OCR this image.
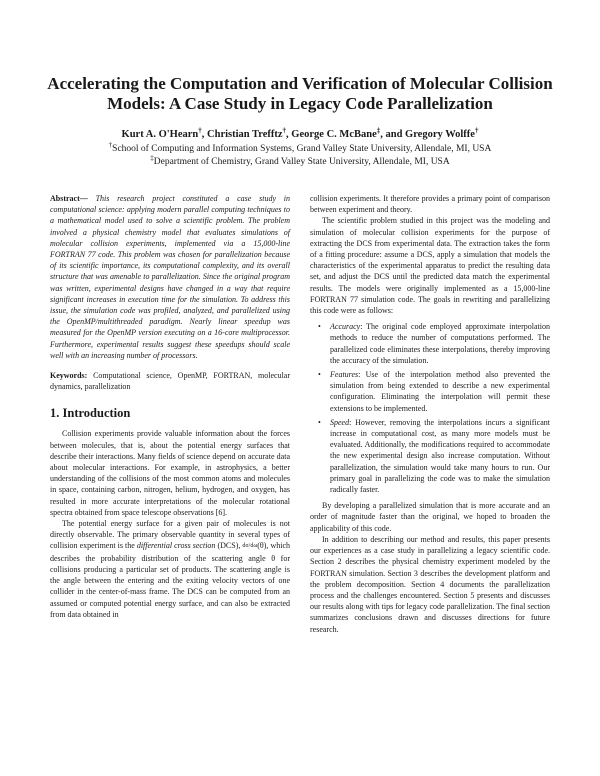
Accelerating the Computation and Verification of Molecular Collision Models: A Case Study in Legacy Code Parallelization
Kurt A. O'Hearn†, Christian Trefftz†, George C. McBane‡, and Gregory Wolffe†
†School of Computing and Information Systems, Grand Valley State University, Allendale, MI, USA
‡Department of Chemistry, Grand Valley State University, Allendale, MI, USA

Abstract— This research project constituted a case study in computational science: applying modern parallel computing techniques to a mathematical model used to solve a scientific problem. The problem involved a physical chemistry model that evaluates simulations of molecular collision experiments, implemented via a 15,000-line FORTRAN 77 code. This problem was chosen for parallelization because of its scientific importance, its computational complexity, and its overall structure that was amenable to parallelization. Since the original program was written, experimental designs have changed in a way that require significant increases in execution time for the simulation. To address this issue, the simulation code was profiled, analyzed, and parallelized using the OpenMP/multithreaded paradigm. Nearly linear speedup was measured for the OpenMP version executing on a 16-core multiprocessor. Furthermore, experimental results suggest these speedups should scale well with an increasing number of processors.

Keywords: Computational science, OpenMP, FORTRAN, molecular dynamics, parallelization

1. Introduction

Collision experiments provide valuable information about the forces between molecules, that is, about the potential energy surfaces that describe their interactions. Many fields of science depend on accurate data about molecular interactions. For example, in astrophysics, a better understanding of the collisions of the most common atoms and molecules in space, containing carbon, nitrogen, helium, hydrogen, and oxygen, has resulted in more accurate interpretations of the molecular rotational spectra obtained from space telescope observations [6].

The potential energy surface for a given pair of molecules is not directly observable. The primary observable quantity in several types of collision experiment is the differential cross section (DCS), dσ/dω(θ), which describes the probability distribution of the scattering angle θ for collisions producing a particular set of products. The scattering angle is the angle between the entering and the exiting velocity vectors of one collider in the center-of-mass frame. The DCS can be computed from an assumed or computed potential energy surface, and can also be extracted from data obtained in

collision experiments. It therefore provides a primary point of comparison between experiment and theory.

The scientific problem studied in this project was the modeling and simulation of molecular collision experiments for the purpose of extracting the DCS from experimental data. The extraction takes the form of a fitting procedure: assume a DCS, apply a simulation that models the characteristics of the experimental apparatus to predict the resulting data set, and adjust the DCS until the predicted data match the experimental results. The models were originally implemented as a 15,000-line FORTRAN 77 simulation code. The goals in rewriting and parallelizing this code were as follows:

• Accuracy: The original code employed approximate interpolation methods to reduce the number of computations performed. The parallelized code eliminates these interpolations, thereby improving the accuracy of the simulation.
• Features: Use of the interpolation method also prevented the simulation from being extended to describe a new experimental configuration. Eliminating the interpolation will permit these extensions to be implemented.
• Speed: However, removing the interpolations incurs a significant increase in computational cost, as many more models must be evaluated. Additionally, the modifications required to accommodate the new experimental design also increase computation. Without parallelization, the simulation would take many hours to run. Our primary goal in parallelizing the code was to make the simulation radically faster.

By developing a parallelized simulation that is more accurate and an order of magnitude faster than the original, we hoped to broaden the applicability of this code.

In addition to describing our method and results, this paper presents our experiences as a case study in parallelizing a legacy scientific code. Section 2 describes the physical chemistry experiment modeled by the FORTRAN simulation. Section 3 describes the development platform and the problem decomposition. Section 4 documents the parallelization process and the challenges encountered. Section 5 presents and discusses our results along with tips for legacy code parallelization. The final section summarizes conclusions drawn and discusses directions for future research.
